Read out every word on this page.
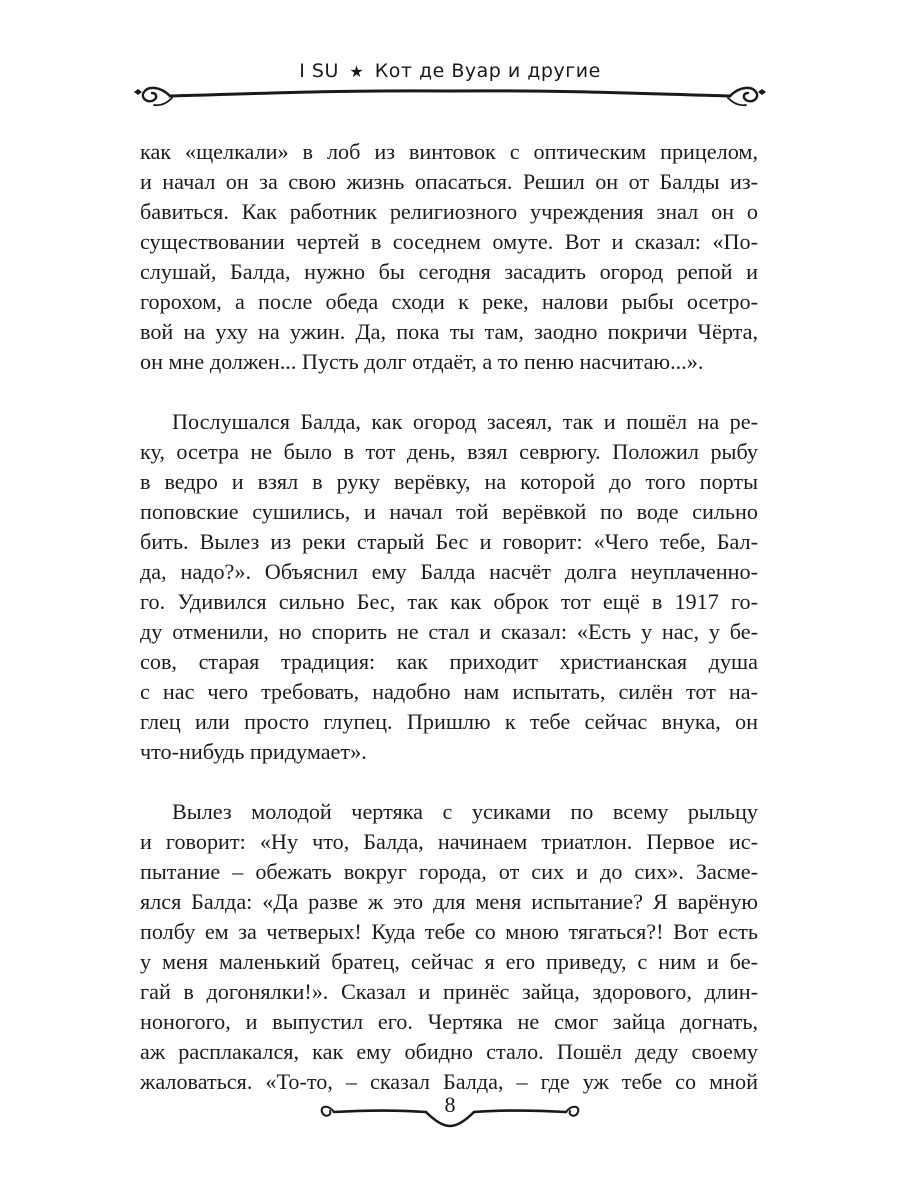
I SU ★ Кот де Вуар и другие

как «щелкали» в лоб из винтовок с оптическим прицелом,
и начал он за свою жизнь опасаться. Решил он от Балды из-
бавиться. Как работник религиозного учреждения знал он о
существовании чертей в соседнем омуте. Вот и сказал: «По-
слушай, Балда, нужно бы сегодня засадить огород репой и
горохом, а после обеда сходи к реке, налови рыбы осетро-
вой на уху на ужин. Да, пока ты там, заодно покричи Чёрта,
он мне должен... Пусть долг отдаёт, а то пеню насчитаю...».

Послушался Балда, как огород засеял, так и пошёл на ре-
ку, осетра не было в тот день, взял севрюгу. Положил рыбу
в ведро и взял в руку верёвку, на которой до того порты
поповские сушились, и начал той верёвкой по воде сильно
бить. Вылез из реки старый Бес и говорит: «Чего тебе, Бал-
да, надо?». Объяснил ему Балда насчёт долга неуплаченно-
го. Удивился сильно Бес, так как оброк тот ещё в 1917 го-
ду отменили, но спорить не стал и сказал: «Есть у нас, у бе-
сов, старая традиция: как приходит христианская душа
с нас чего требовать, надобно нам испытать, силён тот на-
глец или просто глупец. Пришлю к тебе сейчас внука, он
что-нибудь придумает».

Вылез молодой чертяка с усиками по всему рыльцу
и говорит: «Ну что, Балда, начинаем триатлон. Первое ис-
пытание – обежать вокруг города, от сих и до сих». Засме-
ялся Балда: «Да разве ж это для меня испытание? Я варёную
полбу ем за четверых! Куда тебе со мною тягаться?! Вот есть
у меня маленький братец, сейчас я его приведу, с ним и бе-
гай в догонялки!». Сказал и принёс зайца, здорового, длин-
ноногого, и выпустил его. Чертяка не смог зайца догнать,
аж расплакался, как ему обидно стало. Пошёл деду своему
жаловаться. «То-то, – сказал Балда, – где уж тебе со мной

8
